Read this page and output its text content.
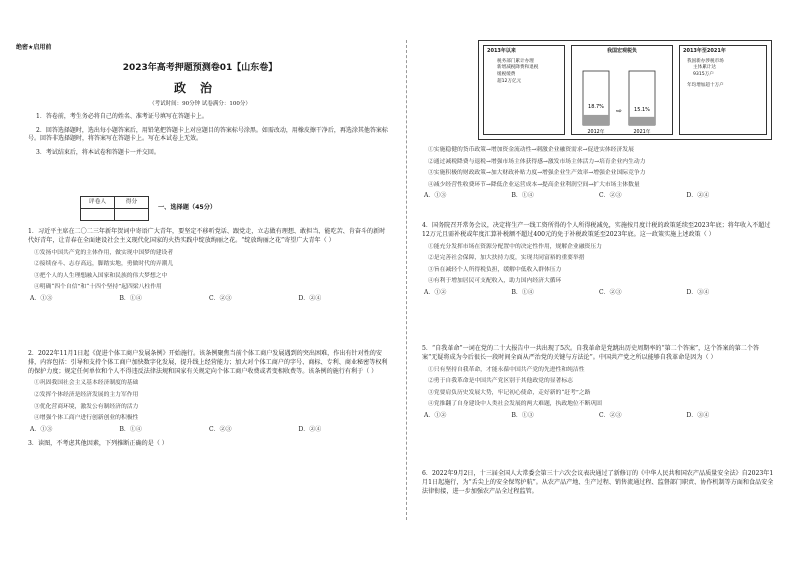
绝密★启用前
2023年高考押题预测卷01【山东卷】
政治
（考试时间：90分钟 试卷满分：100分）

1．答卷前，考生务必将自己的姓名、准考证号填写在答题卡上。

2．回答选择题时，选出每小题答案后，用铅笔把答题卡上对应题目的答案标号涂黑。如需改动，用橡皮擦干净后，再选涂其他答案标号。回答非选择题时，将答案写在答题卡上。写在本试卷上无效。

3．考试结束后，将本试卷和答题卡一并交回。

评卷人	得分

一、选择题（45分）
1．习近平主席在二〇二三年新年贺词中寄语广大青年，要坚定不移听党话、跟党走，立志做有理想、敢担当、能吃苦、肯奋斗的新时代好青年，让青春在全面建设社会主义现代化国家的火热实践中绽放绚丽之花。“绽放绚丽之花”寄望广大青年（ ）
①发扬中国共产党的主体作用，做实现中国梦的建设者
②接续奋斗、志存高远，脚踏实地，勇做时代的弄潮儿
③把个人的人生理想融入国家和民族的伟大梦想之中
④明确“四个自信”和“十四个坚持”起四梁八柱作用
A．①③	B．①④	C．②③	D．②④
2．2022年11月1日起《促进个体工商户发展条例》开始施行。该条例聚焦当前个体工商户发展遇到的突出困难，作出有针对性的安排，内容包括：引导和支持个体工商户加快数字化发展，提升线上经营能力；加大对个体工商户的字号、商标、专利、商业秘密等权利的保护力度；规定任何单位和个人不得违反法律法规和国家有关规定向个体工商户收费或者变相收费等。该条例的施行有利于（ ）
①巩固我国社会主义基本经济制度的基础
②发挥个体经济是经济发展的主力军作用
③优化营商环境，激发公有制经济的活力
④增强个体工商户进行创新创业的积极性
A．①③	B．①④	C．②③	D．②④
3．读图，不考虑其他因素，下列推断正确的是（ ）
2013年以来
税务部门累计办理
新增减税降费和退税
缓税缓费
超12万亿元
我国宏观税负
18.7%	15.1%
⇨
2012年	2021年
2013年至2021年
我国新办涉税市场
主体累计达
9315万户
年均增加超十万户
①实施稳健的货币政策→增加资金流动性→刺激企业融资需求→促进实体经济发展
②通过减税降费与退税→增强市场主体获得感→激发市场主体活力→培育企业内生动力
③实施积极的财政政策→加大财政补贴力度→增强企业生产效率→增强企业国际竞争力
④减少经营性收费环节→降低企业运营成本→提高企业利润空间→扩大市场主体数量
A．①③	B．①④	C．②③	D．②④
4．国务院召开常务会议，决定将生产一线工资所得的个人所得税减免，实施按月度计税的政策延续至2023年底；将年收入不超过12万元且需补税或年度汇算补税额不超过400元的免于补税政策延至2023年底。这一政策实施上述政策（ ）
①能充分发挥市场在资源分配置中的决定性作用，规解企业融资压力
②是完善社会保障，加大扶持力度，实现共同富裕的重要举措
③旨在减轻个人所得税负担，缓解中低收入群体压力
④有利于增加居民可支配收入，助力国内经济大循环
A．①②	B．①④	C．②③	D．③④
5．“自我革命”一词在党的二十大报告中一共出现了5次。自我革命是党跳出历史周期率的“第二个答案”，这个答案的第二个答案“无疑将成为今后很长一段时间全面从严治党的关键与方法论”。中国共产党之所以能够自我革命是因为（ ）
①只有坚持自我革命，才能永葆中国共产党的先进性和纯洁性
②勇于自我革命是中国共产党区别于其他政党的显著标志
③党要肩负历史发展大势，牢记初心使命，走好新的“赶考”之路
④党推翻了自身建设中人类社会发展的两大难题，执政地位不断巩固
A．①②	B．①③	C．②③	D．③④
6．2022年9月2日，十三届全国人大常委会第三十六次会议表决通过了新修订的《中华人民共和国农产品质量安全法》自2023年1月1日起施行，为“舌尖上的安全保驾护航”。从农产品产地、生产过程、销售流通过程、监督部门职责、协作机制等方面和食品安全法律衔接，进一步加强农产品全过程监管。
